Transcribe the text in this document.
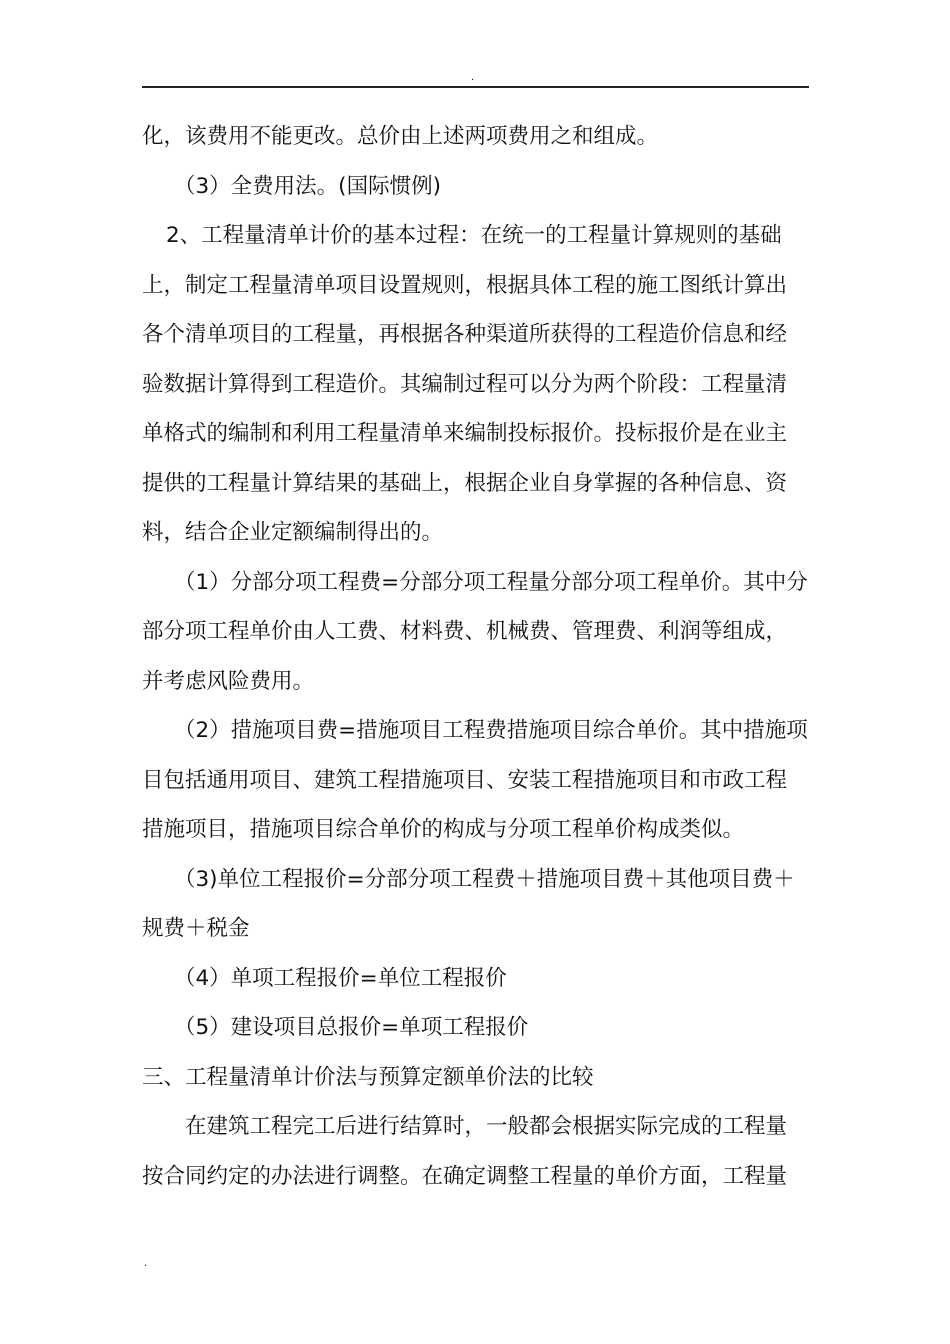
.
化，该费用不能更改。总价由上述两项费用之和组成。
（3）全费用法。(国际惯例)
2、工程量清单计价的基本过程：在统一的工程量计算规则的基础
上，制定工程量清单项目设置规则，根据具体工程的施工图纸计算出
各个清单项目的工程量，再根据各种渠道所获得的工程造价信息和经
验数据计算得到工程造价。其编制过程可以分为两个阶段：工程量清
单格式的编制和利用工程量清单来编制投标报价。投标报价是在业主
提供的工程量计算结果的基础上，根据企业自身掌握的各种信息、资
料，结合企业定额编制得出的。
（1）分部分项工程费=分部分项工程量分部分项工程单价。其中分
部分项工程单价由人工费、材料费、机械费、管理费、利润等组成，
并考虑风险费用。
（2）措施项目费=措施项目工程费措施项目综合单价。其中措施项
目包括通用项目、建筑工程措施项目、安装工程措施项目和市政工程
措施项目，措施项目综合单价的构成与分项工程单价构成类似。
（3)单位工程报价=分部分项工程费＋措施项目费＋其他项目费＋
规费＋税金
（4）单项工程报价=单位工程报价
（5）建设项目总报价=单项工程报价
三、工程量清单计价法与预算定额单价法的比较
在建筑工程完工后进行结算时，一般都会根据实际完成的工程量
按合同约定的办法进行调整。在确定调整工程量的单价方面，工程量
.
